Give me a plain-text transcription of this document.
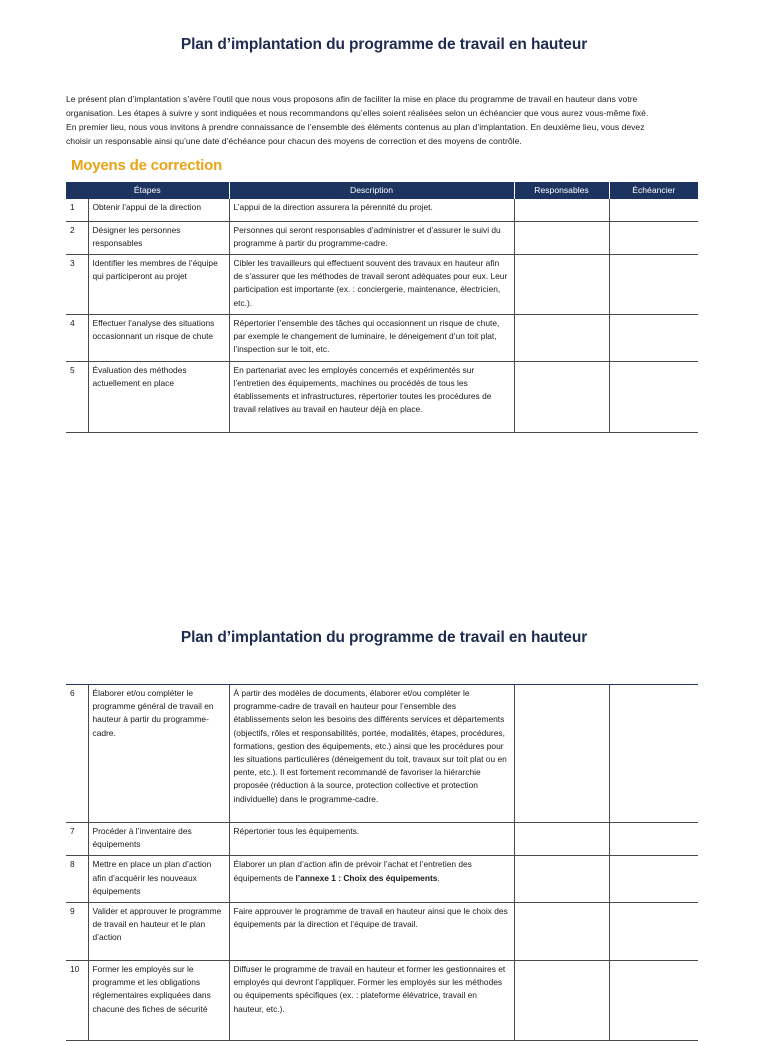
Plan d’implantation du programme de travail en hauteur

Le présent plan d’implantation s’avère l’outil que nous vous proposons afin de faciliter la mise en place du programme de travail en hauteur dans votre

organisation. Les étapes à suivre y sont indiquées et nous recommandons qu’elles soient réalisées selon un échéancier que vous aurez vous-même fixé.

En premier lieu, nous vous invitons à prendre connaissance de l’ensemble des éléments contenus au plan d’implantation. En deuxième lieu, vous devez

choisir un responsable ainsi qu’une date d’échéance pour chacun des moyens de correction et des moyens de contrôle.

Moyens de correction
Étapes		Description	Responsables	Échéancier
1	Obtenir l’appui de la direction	L’appui de la direction assurera la pérennité du projet.		
2	Désigner les personnes responsables	Personnes qui seront responsables d’administrer et d’assurer le suivi du programme à partir du programme-cadre.		
3	Identifier les membres de l’équipe qui participeront au projet	Cibler les travailleurs qui effectuent souvent des travaux en hauteur afin de s’assurer que les méthodes de travail seront adéquates pour eux. Leur participation est importante (ex. : conciergerie, maintenance, électricien, etc.).		
4	Effectuer l’analyse des situations occasionnant un risque de chute	Répertorier l’ensemble des tâches qui occasionnent un risque de chute, par exemple le changement de luminaire, le déneigement d’un toit plat, l’inspection sur le toit, etc.		
5	Évaluation des méthodes actuellement en place	En partenariat avec les employés concernés et expérimentés sur l’entretien des équipements, machines ou procédés de tous les établissements et infrastructures, répertorier toutes les procédures de travail relatives au travail en hauteur déjà en place.		
Plan d’implantation du programme de travail en hauteur
6	Élaborer et/ou compléter le programme général de travail en hauteur à partir du programme-cadre.	À partir des modèles de documents, élaborer et/ou compléter le programme-cadre de travail en hauteur pour l’ensemble des établissements selon les besoins des différents services et départements (objectifs, rôles et responsabilités, portée, modalités, étapes, procédures, formations, gestion des équipements, etc.) ainsi que les procédures pour les situations particulières (déneigement du toit, travaux sur toit plat ou en pente, etc.). Il est fortement recommandé de favoriser la hiérarchie proposée (réduction à la source, protection collective et protection individuelle) dans le programme-cadre.		
7	Procéder à l’inventaire des équipements	Répertorier tous les équipements.		
8	Mettre en place un plan d’action afin d’acquérir les nouveaux équipements	Élaborer un plan d’action afin de prévoir l’achat et l’entretien des équipements de l’annexe 1 : Choix des équipements.		
9	Valider et approuver le programme de travail en hauteur et le plan d’action	Faire approuver le programme de travail en hauteur ainsi que le choix des équipements par la direction et l’équipe de travail.		
10	Former les employés sur le programme et les obligations réglementaires expliquées dans chacune des fiches de sécurité	Diffuser le programme de travail en hauteur et former les gestionnaires et employés qui devront l’appliquer. Former les employés sur les méthodes ou équipements spécifiques (ex. : plateforme élévatrice, travail en hauteur, etc.).		
